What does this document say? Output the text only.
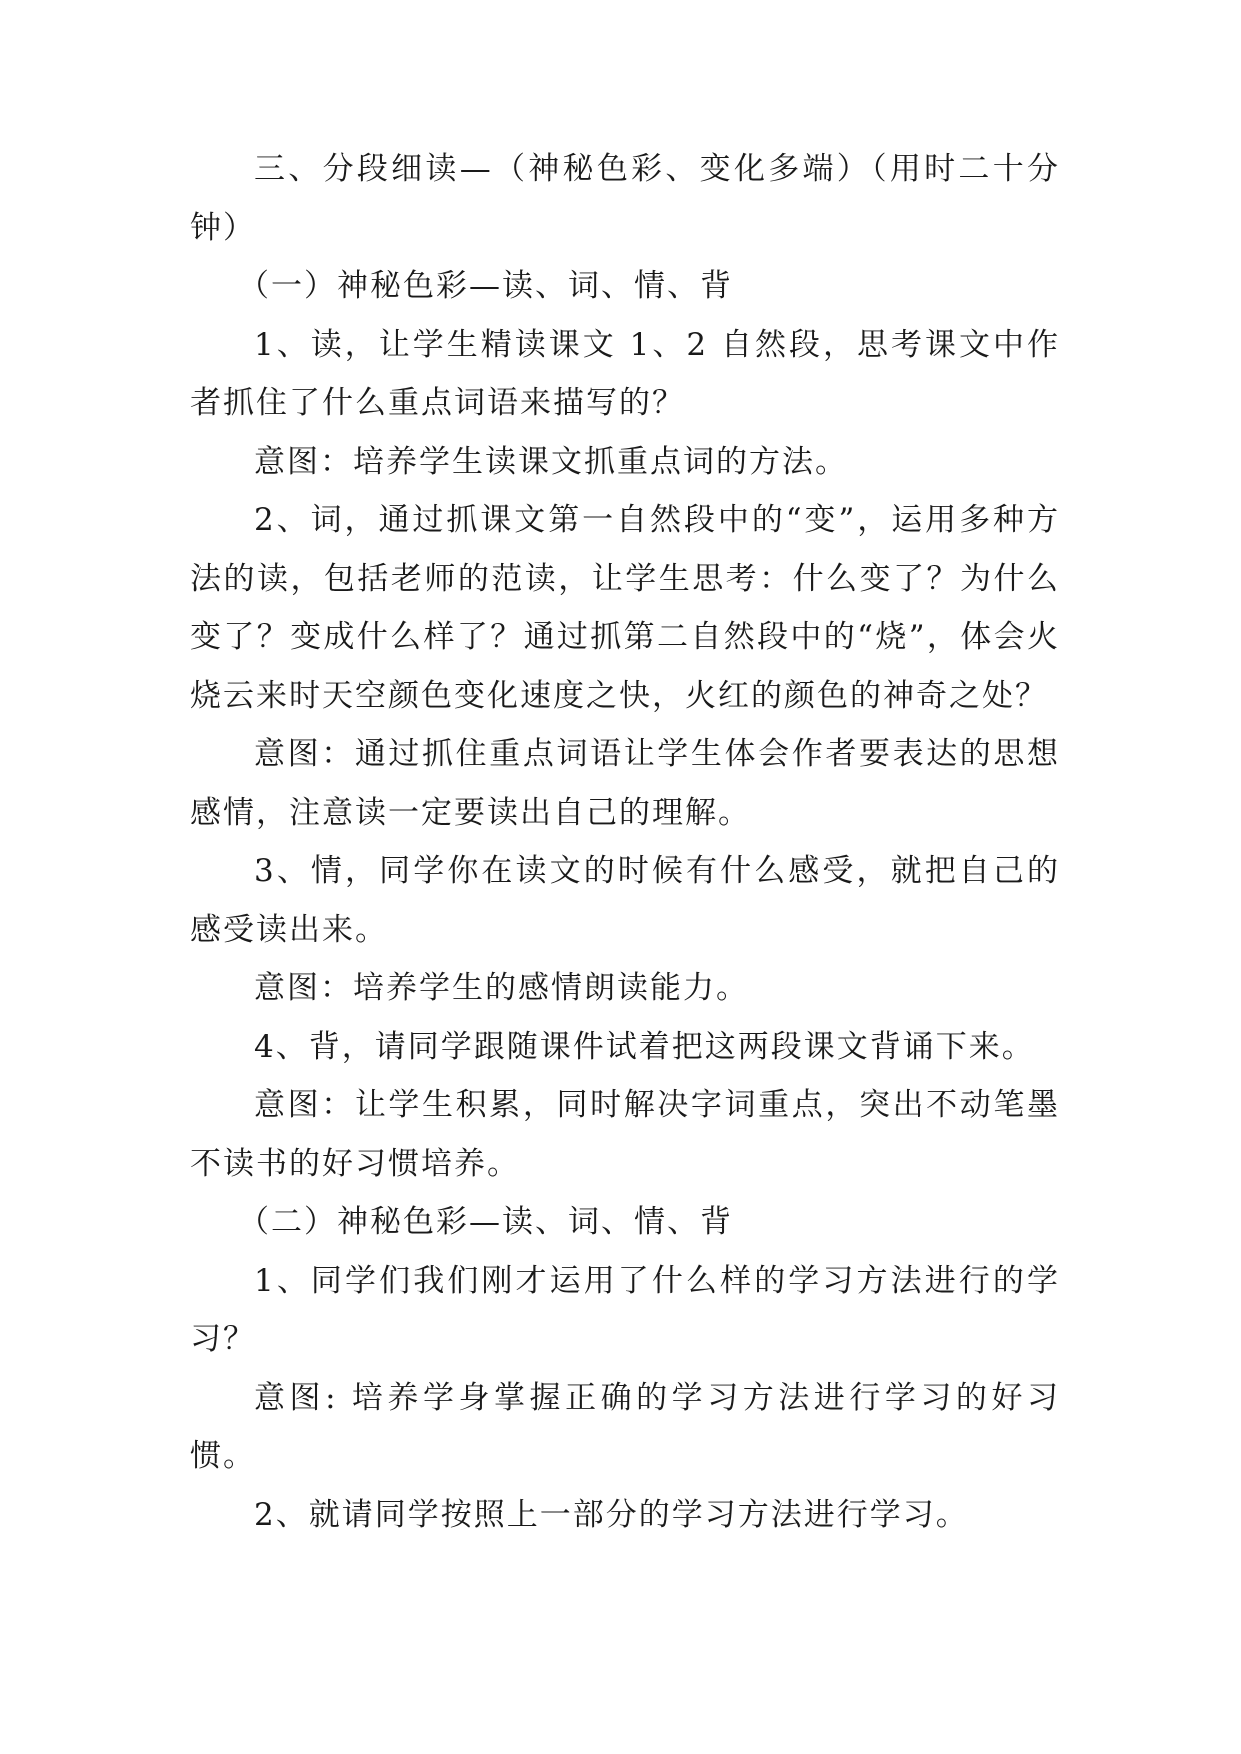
三、分段细读—（神秘色彩、变化多端）（用时二十分钟）

（一）神秘色彩—读、词、情、背

1、读，让学生精读课文 1、2 自然段，思考课文中作者抓住了什么重点词语来描写的？

意图：培养学生读课文抓重点词的方法。

2、词，通过抓课文第一自然段中的“变”，运用多种方法的读，包括老师的范读，让学生思考：什么变了？为什么变了？变成什么样了？通过抓第二自然段中的“烧”，体会火烧云来时天空颜色变化速度之快，火红的颜色的神奇之处？

意图：通过抓住重点词语让学生体会作者要表达的思想感情，注意读一定要读出自己的理解。

3、情，同学你在读文的时候有什么感受，就把自己的感受读出来。

意图：培养学生的感情朗读能力。

4、背，请同学跟随课件试着把这两段课文背诵下来。

意图：让学生积累，同时解决字词重点，突出不动笔墨不读书的好习惯培养。

（二）神秘色彩—读、词、情、背

1、同学们我们刚才运用了什么样的学习方法进行的学习？

意图: 培养学身掌握正确的学习方法进行学习的好习惯。

2、就请同学按照上一部分的学习方法进行学习。
